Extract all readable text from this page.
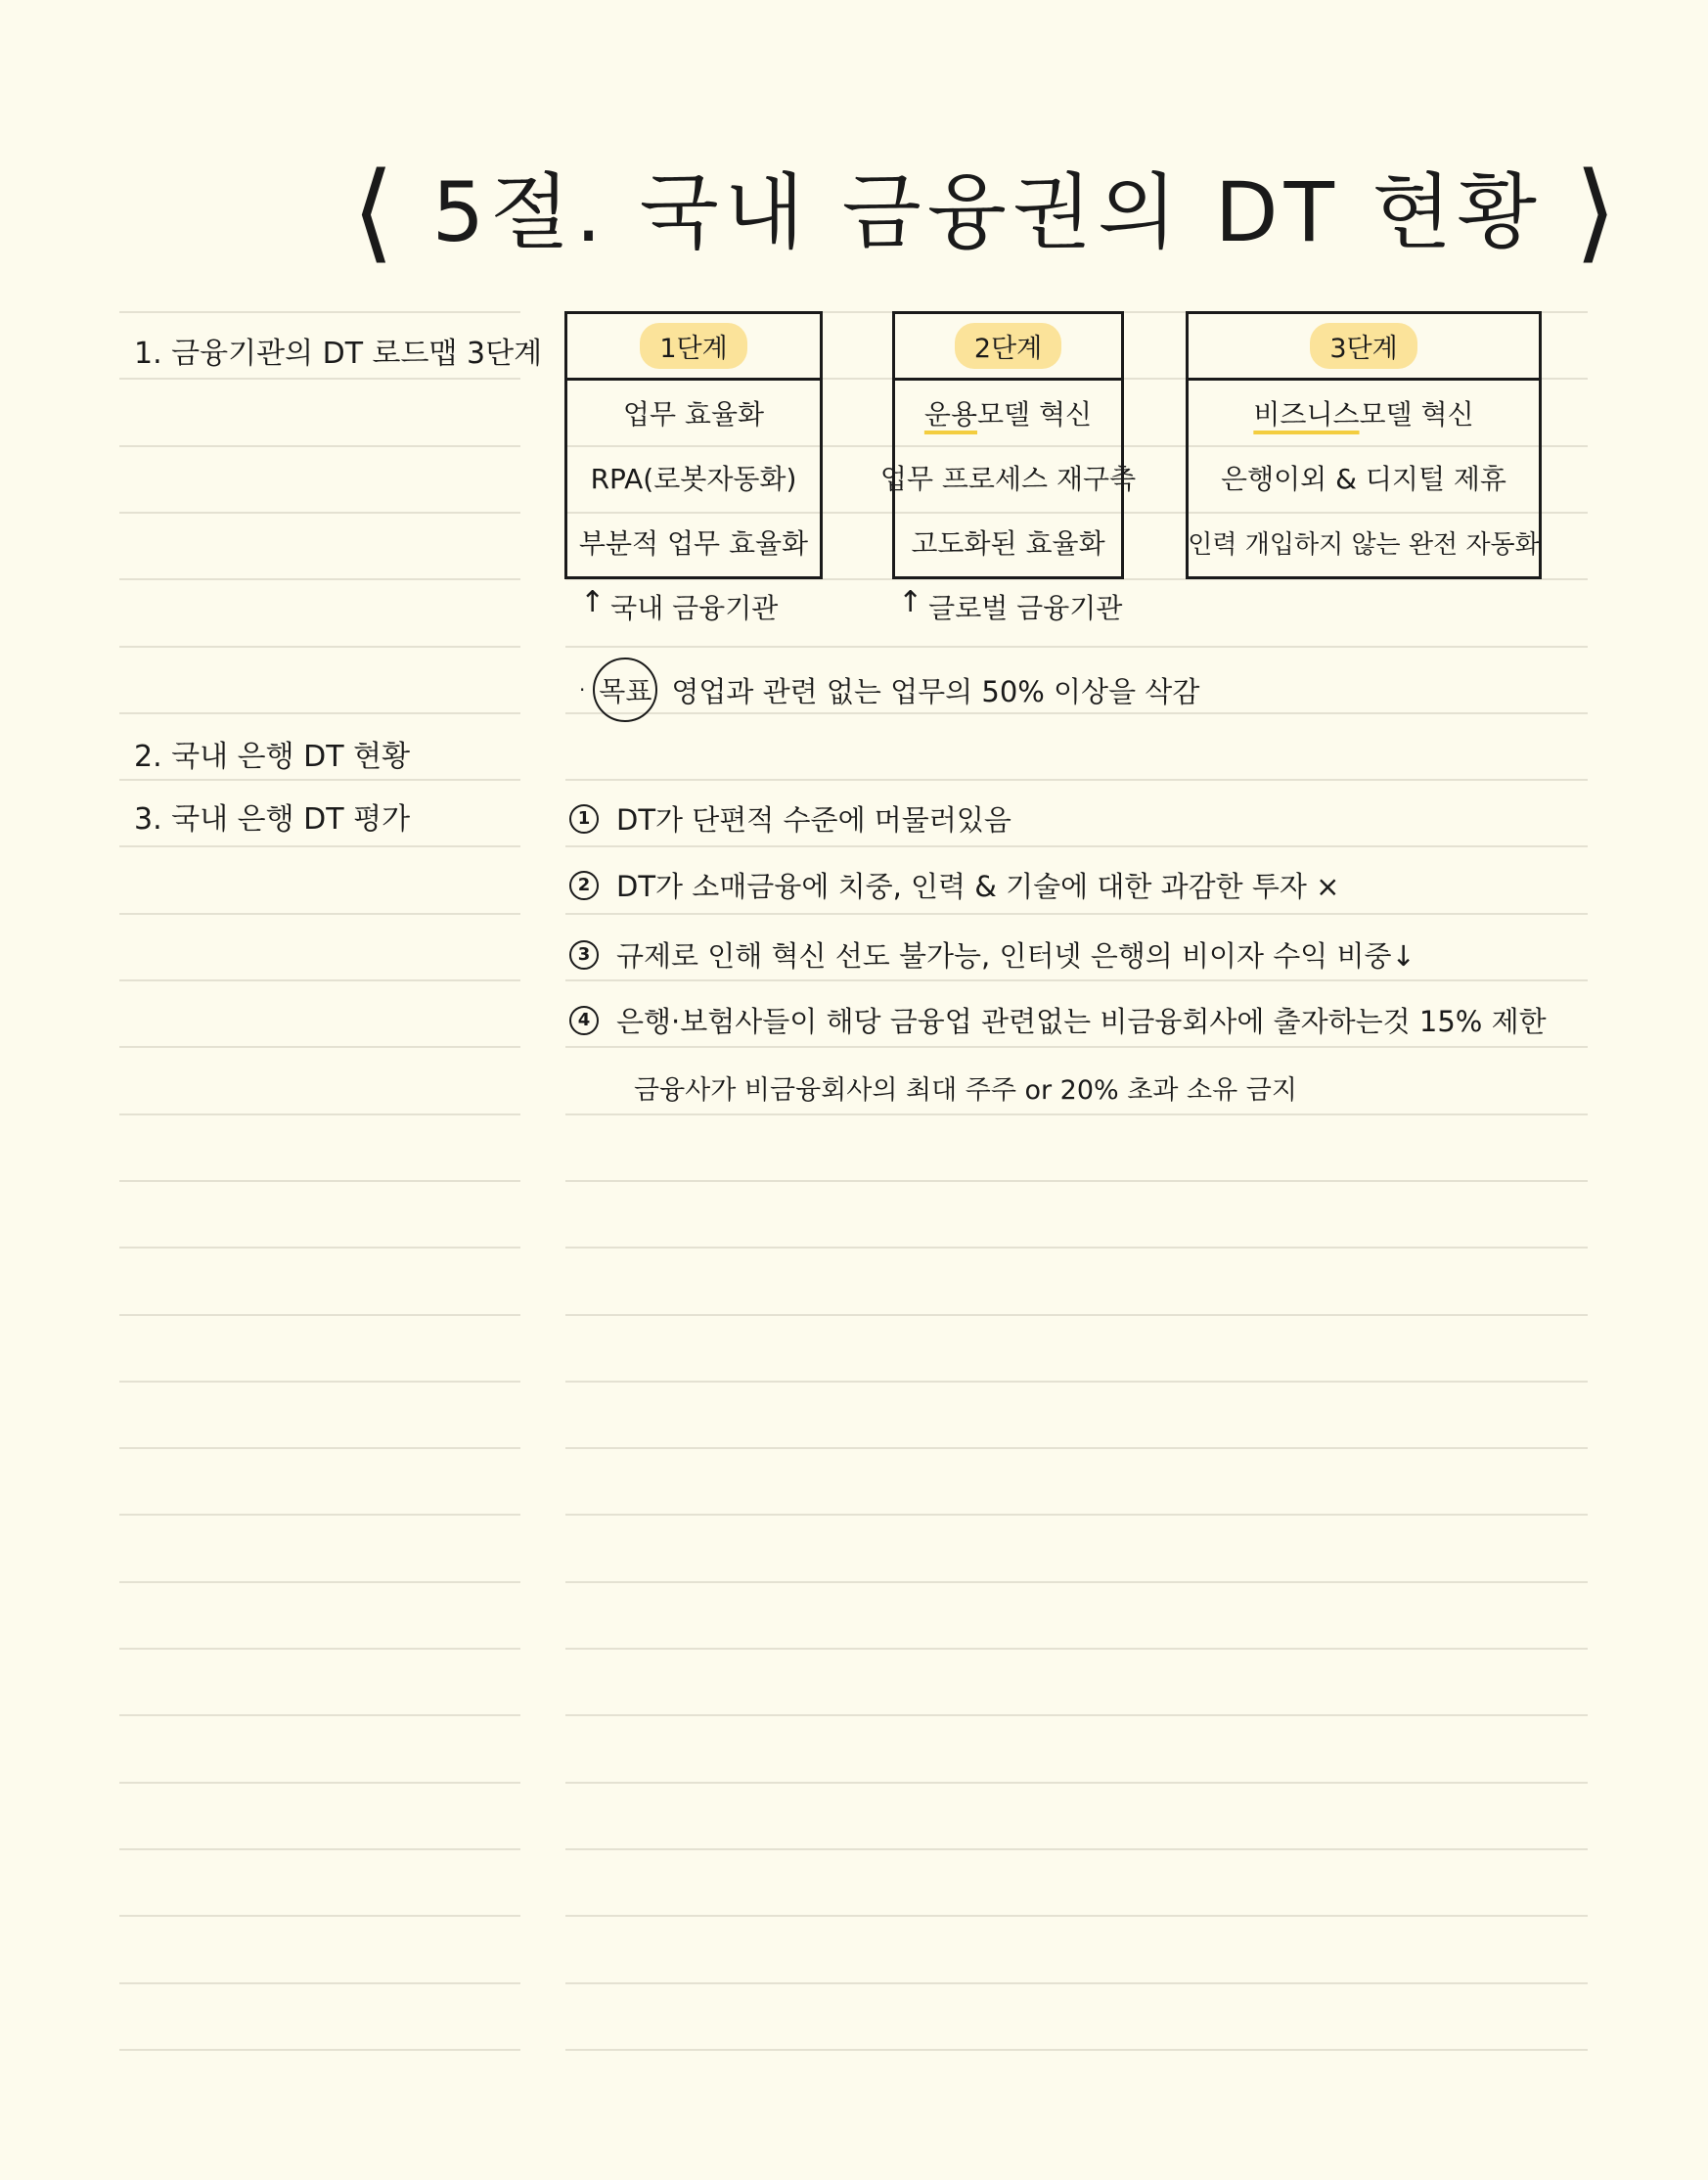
⟨ 5절. 국내 금융권의 DT 현황 ⟩
1. 금융기관의 DT 로드맵 3단계
2. 국내 은행 DT 현황
3. 국내 은행 DT 평가
1단계
업무 효율화
RPA(로봇자동화)
부분적 업무 효율화
2단계
운용 모델 혁신
업무 프로세스 재구축
고도화된 효율화
3단계
비즈니스 모델 혁신
은행이외 & 디지털 제휴
인력 개입하지 않는 완전 자동화
↑ 국내 금융기관	↑ 글로벌 금융기관
· 목표 영업과 관련 없는 업무의 50% 이상을 삭감
1 DT가 단편적 수준에 머물러있음
2 DT가 소매금융에 치중, 인력 & 기술에 대한 과감한 투자 ×
3 규제로 인해 혁신 선도 불가능, 인터넷 은행의 비이자 수익 비중↓
4 은행·보험사들이 해당 금융업 관련없는 비금융회사에 출자하는것 15% 제한
금융사가 비금융회사의 최대 주주 or 20% 초과 소유 금지
